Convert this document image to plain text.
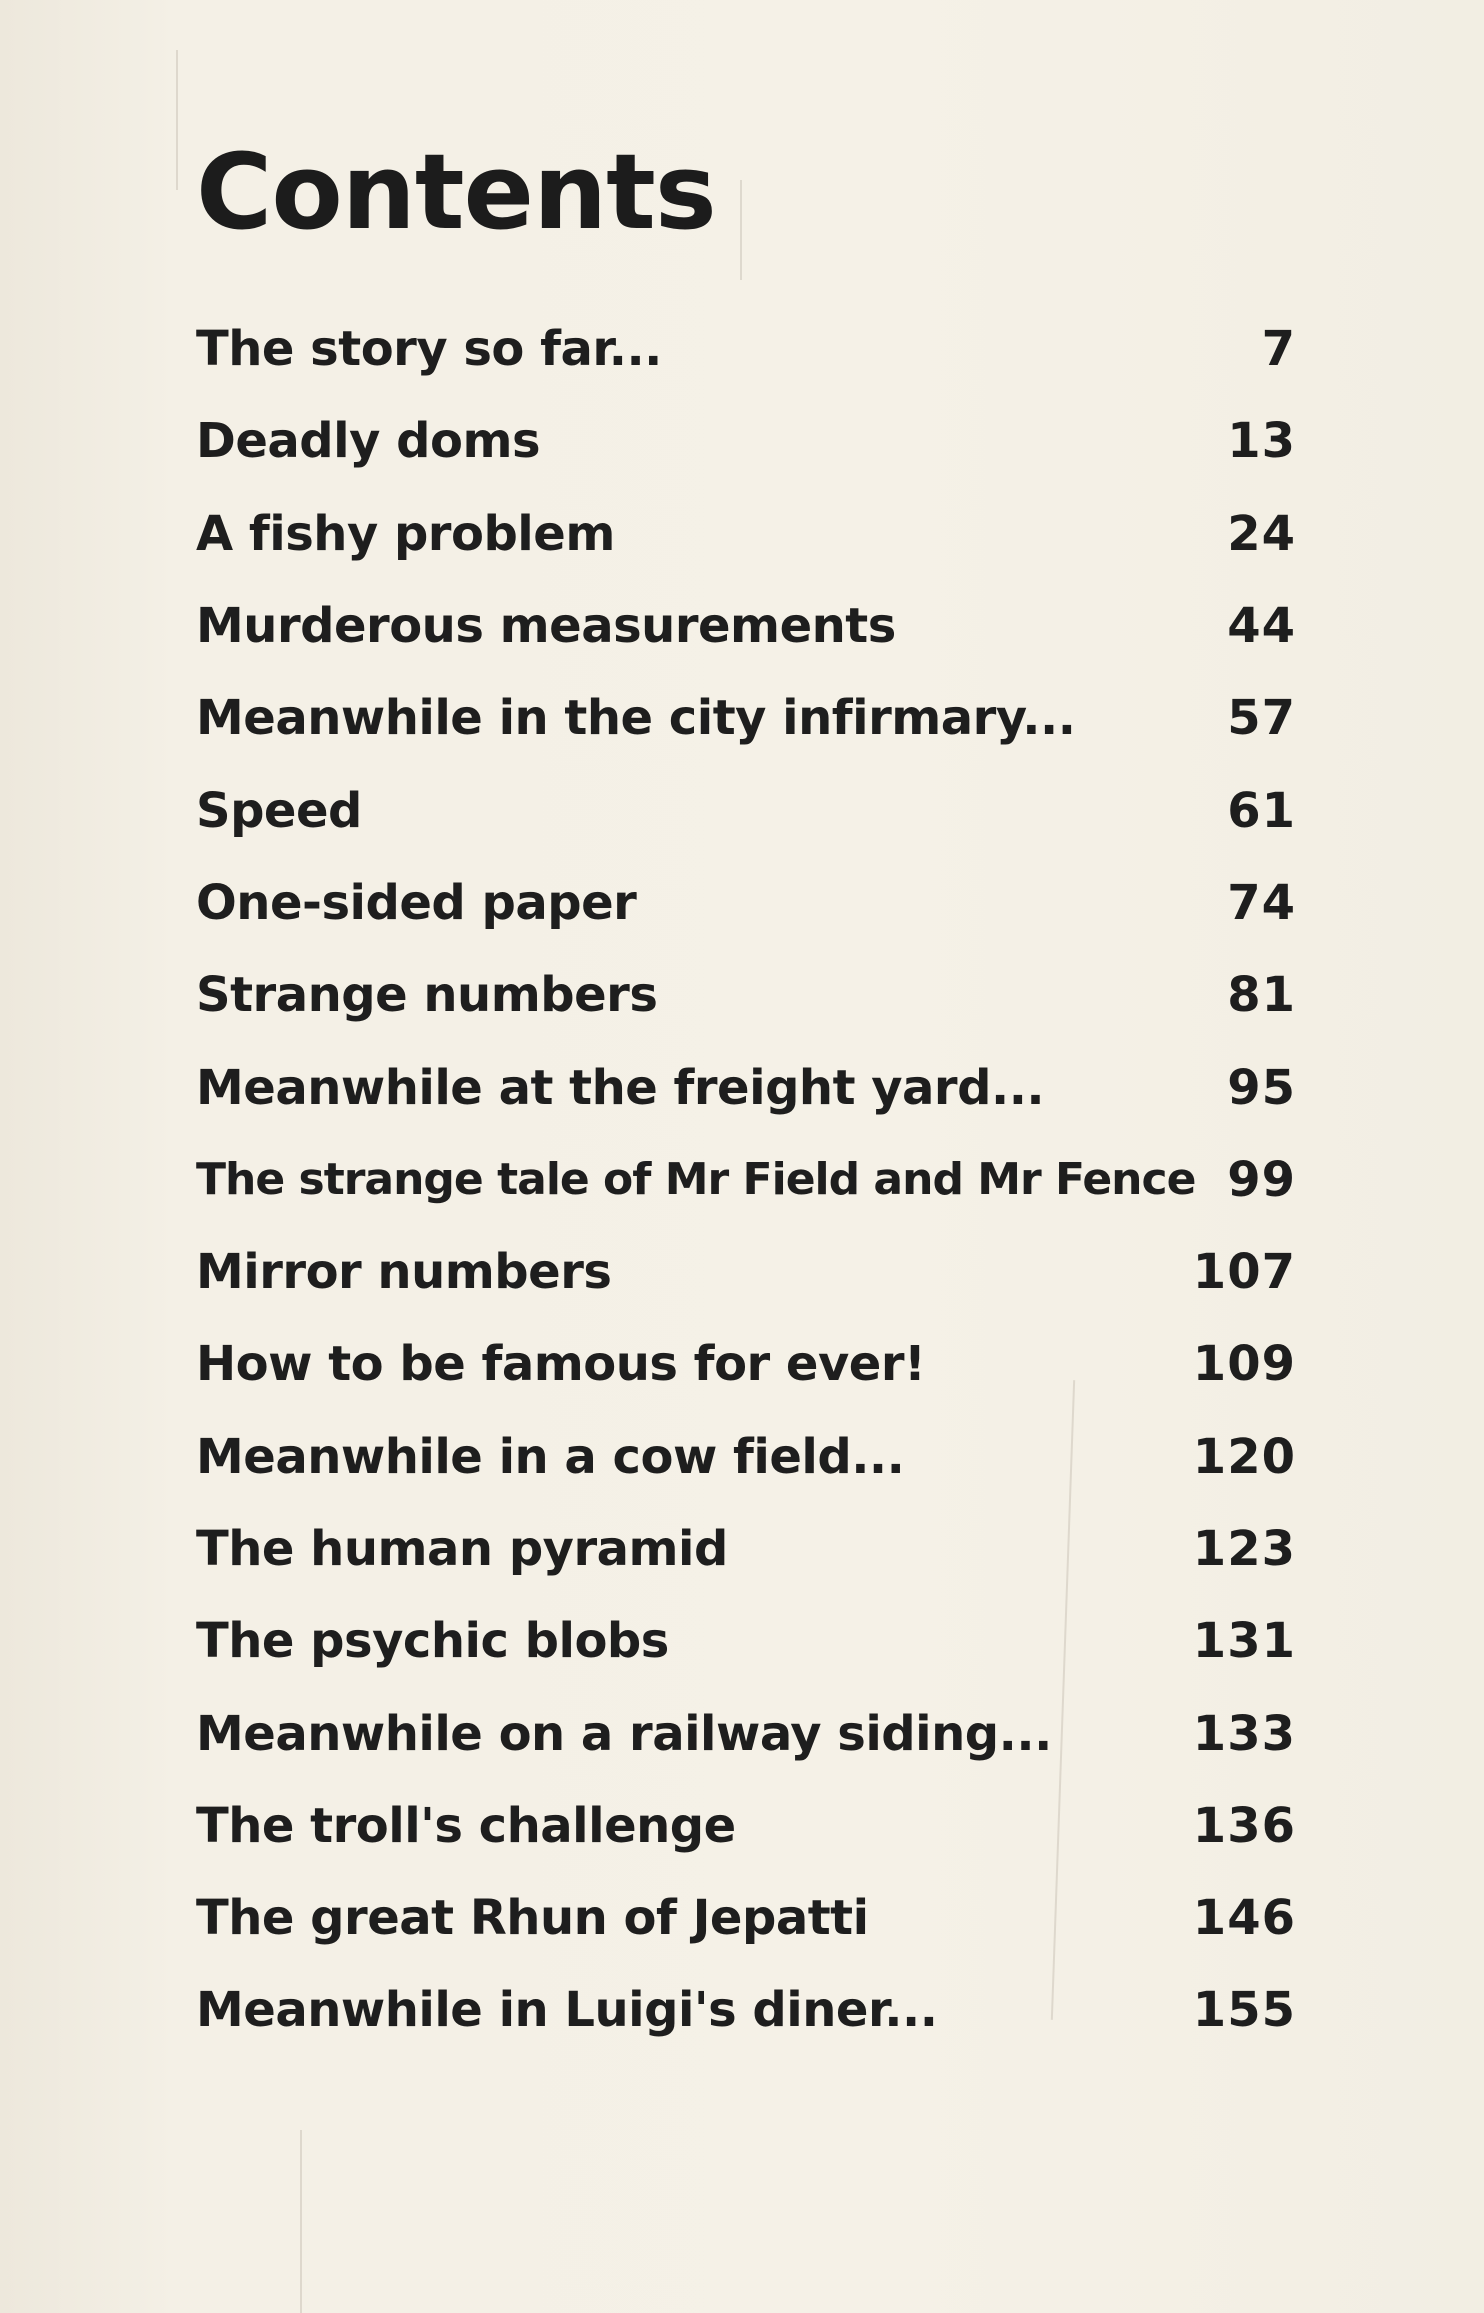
Contents
The story so far...	7
Deadly doms	13
A fishy problem	24
Murderous measurements	44
Meanwhile in the city infirmary...	57
Speed	61
One-sided paper	74
Strange numbers	81
Meanwhile at the freight yard...	95
The strange tale of Mr Field and Mr Fence 99
Mirror numbers	107
How to be famous for ever!	109
Meanwhile in a cow field...	120
The human pyramid	123
The psychic blobs	131
Meanwhile on a railway siding...	133
The troll's challenge	136
The great Rhun of Jepatti	146
Meanwhile in Luigi's diner...	155
